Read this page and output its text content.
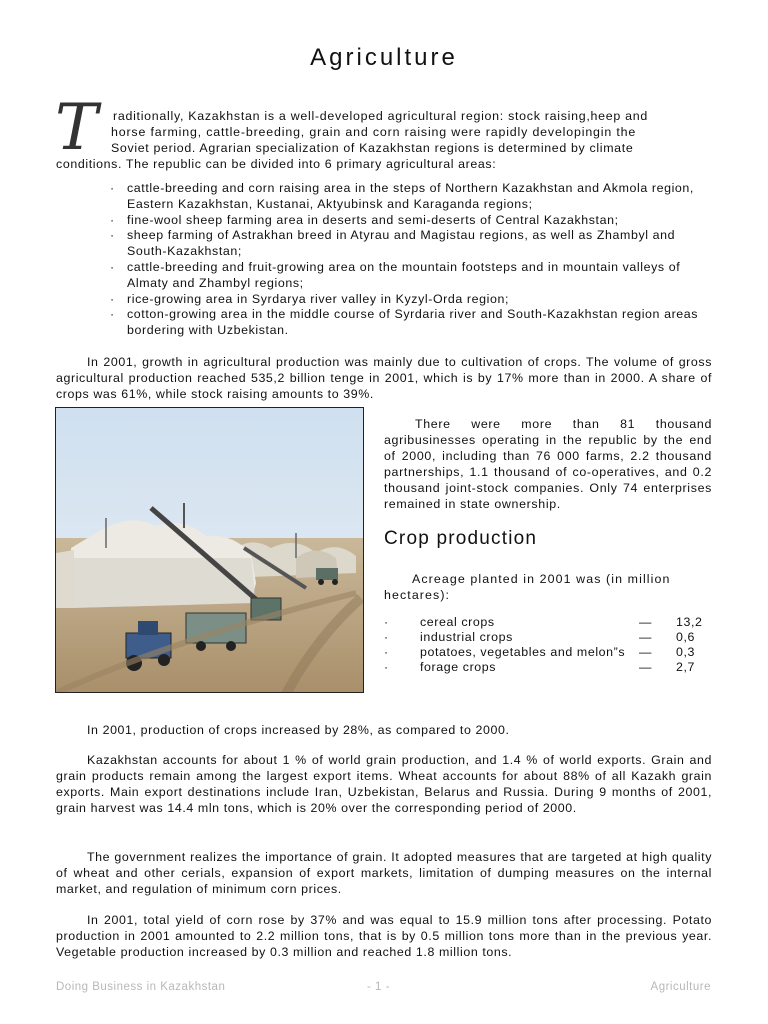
Agriculture
T	raditionally, Kazakhstan is a well-developed agricultural region: stock raising,heep and
horse farming, cattle-breeding, grain and corn raising were rapidly developingin the
Soviet period. Agrarian specialization of Kazakhstan regions is determined by climate
conditions. The republic can be divided into 6 primary agricultural areas:
· cattle-breeding and corn raising area in the steps of Northern Kazakhstan and Akmola region, Eastern Kazakhstan, Kustanai, Aktyubinsk and Karaganda regions;
· fine-wool sheep farming area in deserts and semi-deserts of Central Kazakhstan;
· sheep farming of Astrakhan breed in Atyrau and Magistau regions, as well as Zhambyl and South-Kazakhstan;
· cattle-breeding and fruit-growing area on the mountain footsteps and in mountain valleys of Almaty and Zhambyl regions;
· rice-growing area in Syrdarya river valley in Kyzyl-Orda region;
· cotton-growing area in the middle course of Syrdaria river and South-Kazakhstan region areas bordering with Uzbekistan.

In 2001, growth in agricultural production was mainly due to cultivation of crops. The volume of gross agricultural production reached 535,2 billion tenge in 2001, which is by 17% more than in 2000. A share of crops was 61%, while stock raising amounts to 39%.

There were more than 81 thousand agribusinesses operating in the republic by the end of 2000, including than 76 000 farms, 2.2 thousand partnerships, 1.1 thousand of co-operatives, and 0.2 thousand joint-stock companies. Only 74 enterprises remained in state ownership.

Crop production

Acreage planted in 2001 was (in million hectares):

·	cereal crops	— 13,2
·	industrial crops	— 0,6
·	potatoes, vegetables and melon”s — 0,3
·	forage crops	— 2,7

In 2001, production of crops increased by 28%, as compared to 2000.

Kazakhstan accounts for about 1 % of world grain production, and 1.4 % of world exports. Grain and grain products remain among the largest export items. Wheat accounts for about 88% of all Kazakh grain exports. Main export destinations include Iran, Uzbekistan, Belarus and Russia. During 9 months of 2001, grain harvest was 14.4 mln tons, which is 20% over the corresponding period of 2000.

The government realizes the importance of grain. It adopted measures that are targeted at high quality of wheat and other cerials, expansion of export markets, limitation of dumping measures on the internal market, and regulation of minimum corn prices.

In 2001, total yield of corn rose by 37% and was equal to 15.9 million tons after processing. Potato production in 2001 amounted to 2.2 million tons, that is by 0.5 million tons more than in the previous year. Vegetable production increased by 0.3 million and reached 1.8 million tons.

Doing Business in Kazakhstan	- 1 -	Agriculture
